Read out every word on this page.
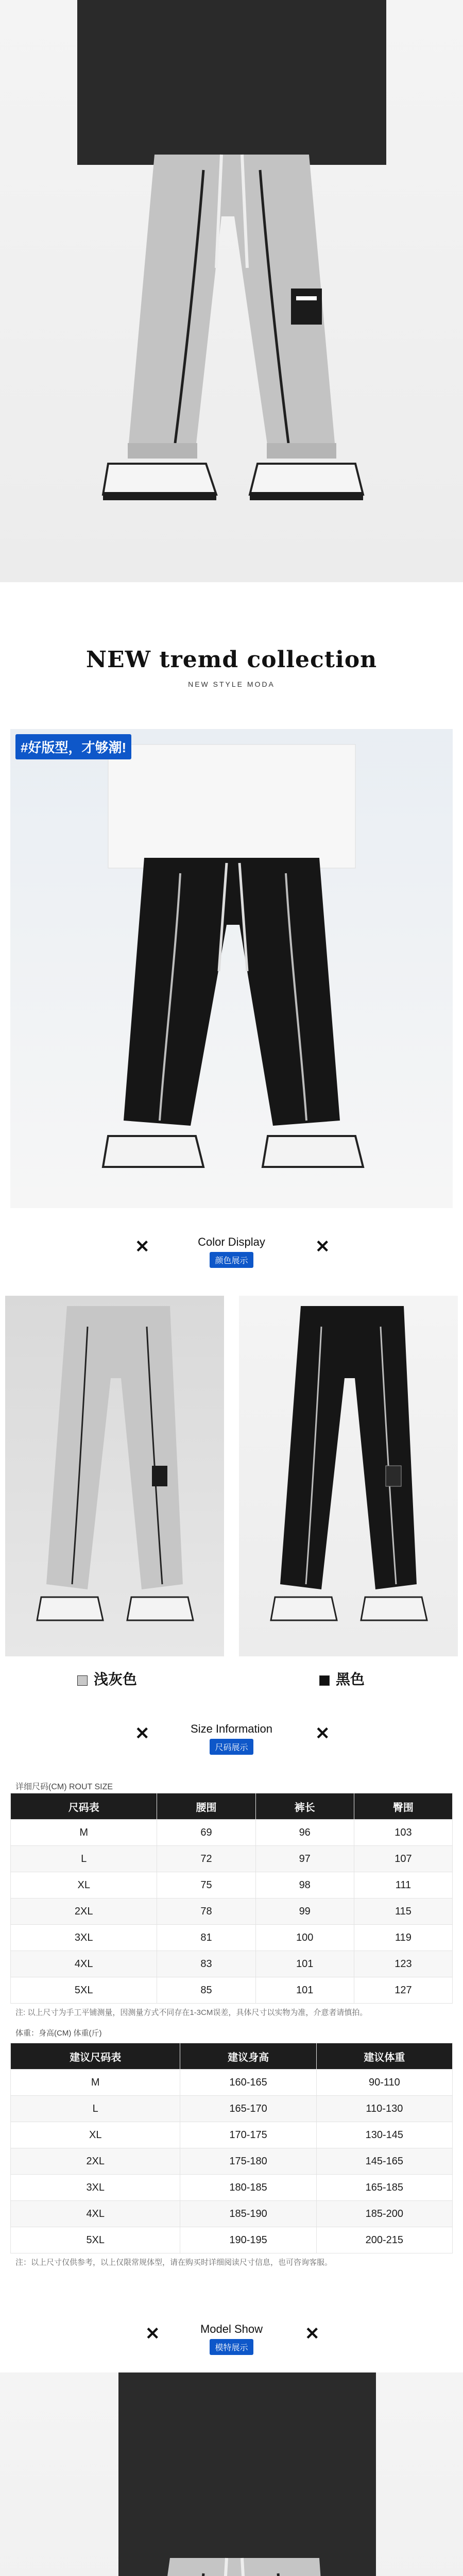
NEW tremd collection
NEW STYLE MODA
#好版型，才够潮!
✕	✕
Color Display
颜色展示
浅灰色	黑色
✕	✕
Size Information
尺码展示
详细尺码(CM) ROUT SIZE
尺码表	腰围	裤长	臀围
M	69	96	103
L	72	97	107
XL	75	98	111
2XL	78	99	115
3XL	81	100	119
4XL	83	101	123
5XL	85	101	127
注: 以上尺寸为手工平铺测量，因测量方式不同存在1-3CM误差，具体尺寸以实物为准，介意者请慎拍。
体重：身高(CM) 体重(斤)
建议尺码表	建议身高	建议体重
M	160-165	90-110
L	165-170	110-130
XL	170-175	130-145
2XL	175-180	145-165
3XL	180-185	165-185
4XL	185-190	185-200
5XL	190-195	200-215
注：以上尺寸仅供参考，以上仅限常规体型，请在购买时详细阅读尺寸信息，也可咨询客服。
✕	✕
Model Show
模特展示
